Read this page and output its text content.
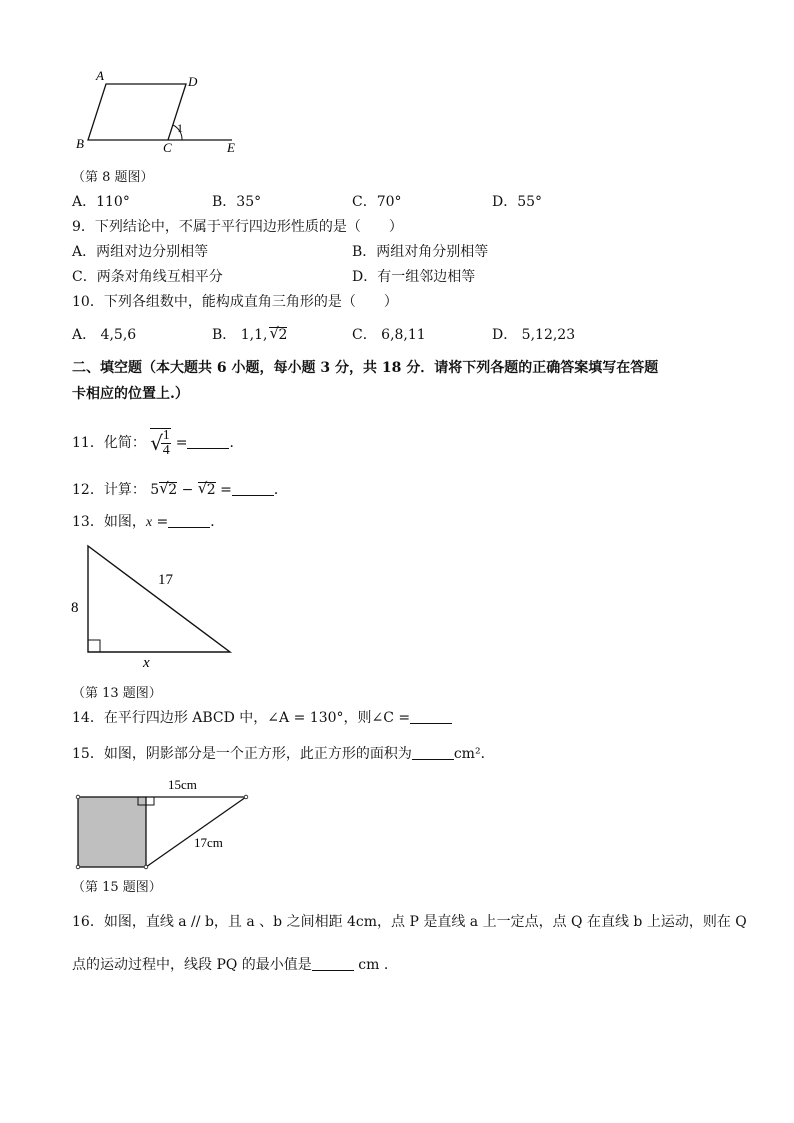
A	D
B	C	E
1
（第 8 题图）
A．110°	B．35°	C．70°	D．55°
9．下列结论中，不属于平行四边形性质的是（　　）
A．两组对边分别相等	B．两组对角分别相等
C．两条对角线互相平分	D．有一组邻边相等
10．下列各组数中，能构成直角三角形的是（　　）
A． 4,5,6	B． 1,1, √ 2	C． 6,8,11	D． 5,12,23
二、填空题（本大题共 6 小题，每小题 3 分，共 18 分．请将下列各题的正确答案填写在答题
卡相应的位置上.）
11．化简： √
$\frac{1}{4}$ =	．
12．计算： 5 √ 2 − √ 2 =	．
13．如图，x =	．
8
17
x
（第 13 题图）
14．在平行四边形 ABCD 中，∠A = 130°，则∠C =
15．如图，阴影部分是一个正方形，此正方形的面积为	cm²．
15cm
17cm
（第 15 题图）
16．如图，直线 a // b，且 a 、b 之间相距 4cm，点 P 是直线 a 上一定点，点 Q 在直线 b 上运动，则在 Q
点的运动过程中，线段 PQ 的最小值是	cm .
